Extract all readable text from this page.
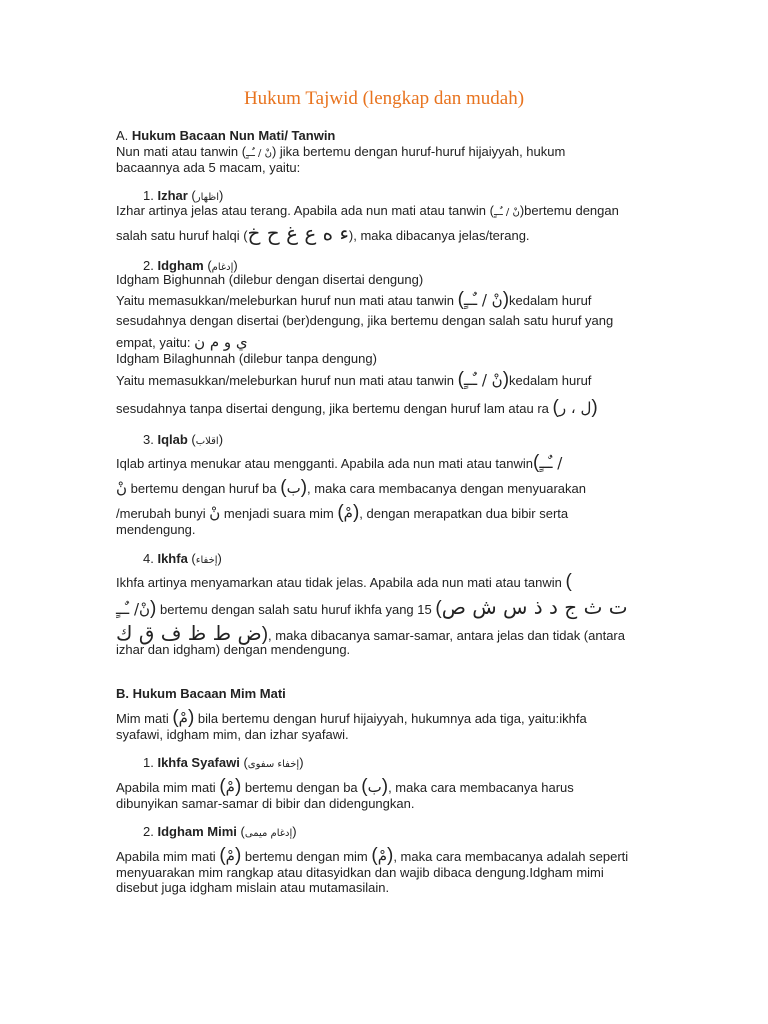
Hukum Tajwid (lengkap dan mudah)
A. Hukum Bacaan Nun Mati/ Tanwin
Nun mati atau tanwin (نْ / ـٌــٍ) jika bertemu dengan huruf-huruf hijaiyyah, hukum
bacaannya ada 5 macam, yaitu:
1. Izhar (اظهار)
Izhar artinya jelas atau terang. Apabila ada nun mati atau tanwin (نْ / ـٌــٍ)bertemu dengan
salah satu huruf halqi (ء ه ع غ ح خ), maka dibacanya jelas/terang.
2. Idgham (إدغام)
Idgham Bighunnah (dilebur dengan disertai dengung)
Yaitu memasukkan/meleburkan huruf nun mati atau tanwin (نْ / ـٌــٍ)kedalam huruf
sesudahnya dengan disertai (ber)dengung, jika bertemu dengan salah satu huruf yang
empat, yaitu: ي و م ن
Idgham Bilaghunnah (dilebur tanpa dengung)
Yaitu memasukkan/meleburkan huruf nun mati atau tanwin (نْ / ـٌــٍ)kedalam huruf
sesudahnya tanpa disertai dengung, jika bertemu dengan huruf lam atau ra (ل ، ر)
3. Iqlab (اقلاب)
Iqlab artinya menukar atau mengganti. Apabila ada nun mati atau tanwin(/ ـٌــٍ
نْ bertemu dengan huruf ba (ب), maka cara membacanya dengan menyuarakan
/merubah bunyi نْ menjadi suara mim (مْ), dengan merapatkan dua bibir serta
mendengung.
4. Ikhfa (إخفاء)
Ikhfa artinya menyamarkan atau tidak jelas. Apabila ada nun mati atau tanwin (
نْ/ ـٌــٍ) bertemu dengan salah satu huruf ikhfa yang 15 (ت ث ج د ذ س ش ص
ض ط ظ ف ق ك), maka dibacanya samar-samar, antara jelas dan tidak (antara
izhar dan idgham) dengan mendengung.
B. Hukum Bacaan Mim Mati
Mim mati (مْ) bila bertemu dengan huruf hijaiyyah, hukumnya ada tiga, yaitu:ikhfa
syafawi, idgham mim, dan izhar syafawi.
1. Ikhfa Syafawi (إخفاء سفوى)
Apabila mim mati (مْ) bertemu dengan ba (ب), maka cara membacanya harus
dibunyikan samar-samar di bibir dan didengungkan.
2. Idgham Mimi (إدغام ميمى)
Apabila mim mati (مْ) bertemu dengan mim (مْ), maka cara membacanya adalah seperti
menyuarakan mim rangkap atau ditasyidkan dan wajib dibaca dengung.Idgham mimi
disebut juga idgham mislain atau mutamasilain.
